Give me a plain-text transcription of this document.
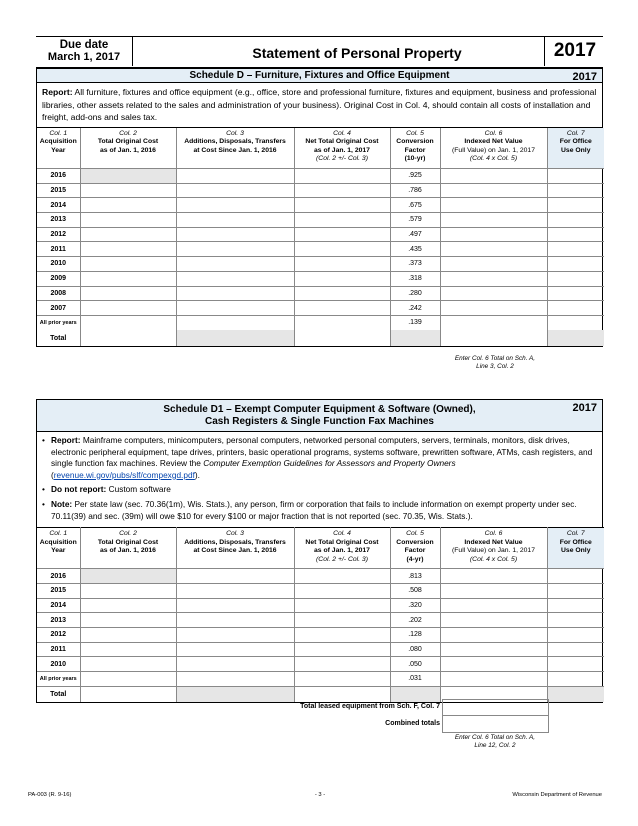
Due date
March 1, 2017	Statement of Personal Property	2017
Schedule D – Furniture, Fixtures and Office Equipment	2017
Report: All furniture, fixtures and office equipment (e.g., office, store and professional furniture, fixtures and equipment, business and professional libraries, other assets related to the sales and administration of your business). Original Cost in Col. 4, should contain all costs of installation and freight, add-ons and sales tax.
Col. 1
Acquisition
Year	Col. 2
Total Original Cost
as of Jan. 1, 2016	Col. 3
Additions, Disposals, Transfers
at Cost Since Jan. 1, 2016	Col. 4
Net Total Original Cost
as of Jan. 1, 2017
(Col. 2 +/- Col. 3)	Col. 5
Conversion
Factor
(10-yr)	Col. 6
Indexed Net Value
(Full Value) on Jan. 1, 2017
(Col. 4 x Col. 5)	Col. 7
For Office
Use Only
2016				.925		
2015				.786		
2014				.675		
2013				.579		
2012				.497		
2011				.435		
2010				.373		
2009				.318		
2008				.280		
2007				.242		
All prior years				.139		
Total						
Enter Col. 6 Total on Sch. A, Line 3, Col. 2
Schedule D1 – Exempt Computer Equipment & Software (Owned),
Cash Registers & Single Function Fax Machines
2017
• Report: Mainframe computers, minicomputers, personal computers, networked personal computers, servers, terminals, monitors, disk drives, electronic peripheral equipment, tape drives, printers, basic operational programs, systems software, prewritten software, ATMs, cash registers, and single function fax machines. Review the Computer Exemption Guidelines for Assessors and Property Owners (revenue.wi.gov/pubs/slf/compexgd.pdf).
• Do not report: Custom software
• Note: Per state law (sec. 70.36(1m), Wis. Stats.), any person, firm or corporation that fails to include information on exempt property under sec. 70.11(39) and sec. (39m) will owe $10 for every $100 or major fraction that is not reported (sec. 70.35, Wis. Stats.).
Col. 1
Acquisition
Year	Col. 2
Total Original Cost
as of Jan. 1, 2016	Col. 3
Additions, Disposals, Transfers
at Cost Since Jan. 1, 2016	Col. 4
Net Total Original Cost
as of Jan. 1, 2017
(Col. 2 +/- Col. 3)	Col. 5
Conversion
Factor
(4-yr)	Col. 6
Indexed Net Value
(Full Value) on Jan. 1, 2017
(Col. 4 x Col. 5)	Col. 7
For Office
Use Only
2016				.813		
2015				.508		
2014				.320		
2013				.202		
2012				.128		
2011				.080		
2010				.050		
All prior years				.031		
Total						
Total leased equipment from Sch. F, Col. 7
Combined totals
Enter Col. 6 Total on Sch. A, Line 12, Col. 2
PA-003 (R. 9-16)	- 3 -	Wisconsin Department of Revenue
